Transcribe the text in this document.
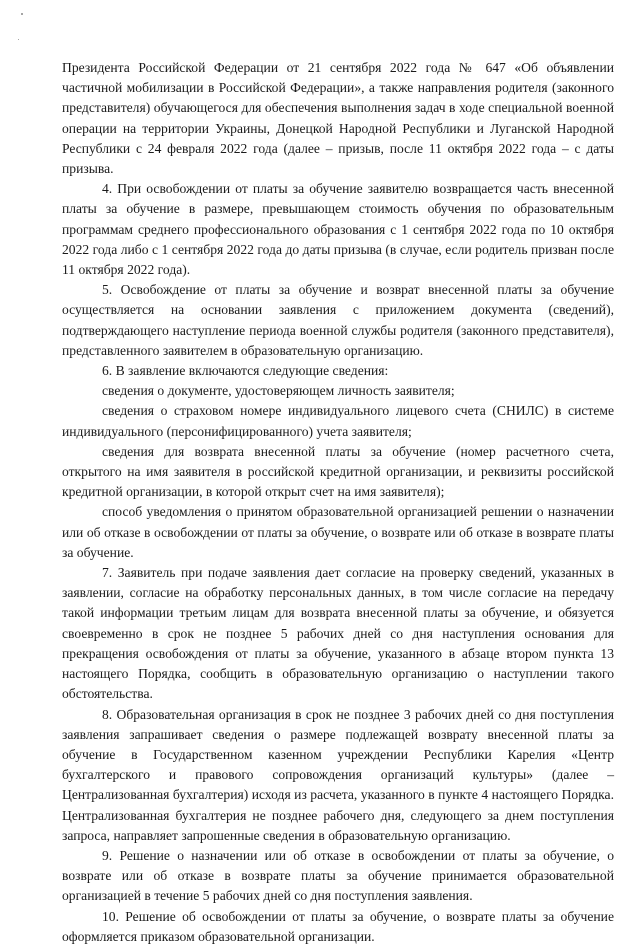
Президента Российской Федерации от 21 сентября 2022 года № 647 «Об объявлении частичной мобилизации в Российской Федерации», а также направления родителя (законного представителя) обучающегося для обеспечения выполнения задач в ходе специальной военной операции на территории Украины, Донецкой Народной Республики и Луганской Народной Республики с 24 февраля 2022 года (далее – призыв, после 11 октября 2022 года – с даты призыва.

4. При освобождении от платы за обучение заявителю возвращается часть внесенной платы за обучение в размере, превышающем стоимость обучения по образовательным программам среднего профессионального образования с 1 сентября 2022 года по 10 октября 2022 года либо с 1 сентября 2022 года до даты призыва (в случае, если родитель призван после 11 октября 2022 года).

5. Освобождение от платы за обучение и возврат внесенной платы за обучение осуществляется на основании заявления с приложением документа (сведений), подтверждающего наступление периода военной службы родителя (законного представителя), представленного заявителем в образовательную организацию.

6. В заявление включаются следующие сведения:

сведения о документе, удостоверяющем личность заявителя;

сведения о страховом номере индивидуального лицевого счета (СНИЛС) в системе индивидуального (персонифицированного) учета заявителя;

сведения для возврата внесенной платы за обучение (номер расчетного счета, открытого на имя заявителя в российской кредитной организации, и реквизиты российской кредитной организации, в которой открыт счет на имя заявителя);

способ уведомления о принятом образовательной организацией решении о назначении или об отказе в освобождении от платы за обучение, о возврате или об отказе в возврате платы за обучение.

7. Заявитель при подаче заявления дает согласие на проверку сведений, указанных в заявлении, согласие на обработку персональных данных, в том числе согласие на передачу такой информации третьим лицам для возврата внесенной платы за обучение, и обязуется своевременно в срок не позднее 5 рабочих дней со дня наступления основания для прекращения освобождения от платы за обучение, указанного в абзаце втором пункта 13 настоящего Порядка, сообщить в образовательную организацию о наступлении такого обстоятельства.

8. Образовательная организация в срок не позднее 3 рабочих дней со дня поступления заявления запрашивает сведения о размере подлежащей возврату внесенной платы за обучение в Государственном казенном учреждении Республики Карелия «Центр бухгалтерского и правового сопровождения организаций культуры» (далее – Централизованная бухгалтерия) исходя из расчета, указанного в пункте 4 настоящего Порядка. Централизованная бухгалтерия не позднее рабочего дня, следующего за днем поступления запроса, направляет запрошенные сведения в образовательную организацию.

9. Решение о назначении или об отказе в освобождении от платы за обучение, о возврате или об отказе в возврате платы за обучение принимается образовательной организацией в течение 5 рабочих дней со дня поступления заявления.

10. Решение об освобождении от платы за обучение, о возврате платы за обучение оформляется приказом образовательной организации.
